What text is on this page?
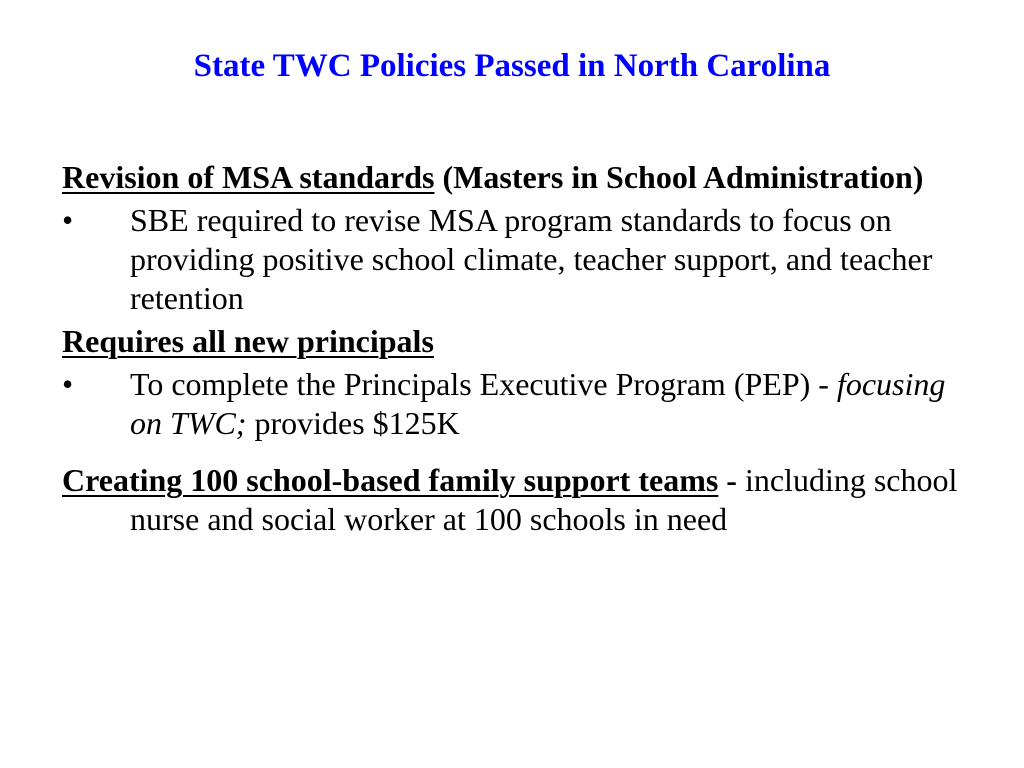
State TWC Policies Passed in North Carolina

Revision of MSA standards (Masters in School Administration)

•	SBE required to revise MSA program standards to focus on providing positive school climate, teacher support, and teacher retention

Requires all new principals

•	To complete the Principals Executive Program (PEP) - focusing on TWC; provides $125K

Creating 100 school-based family support teams - including school nurse and social worker at 100 schools in need
